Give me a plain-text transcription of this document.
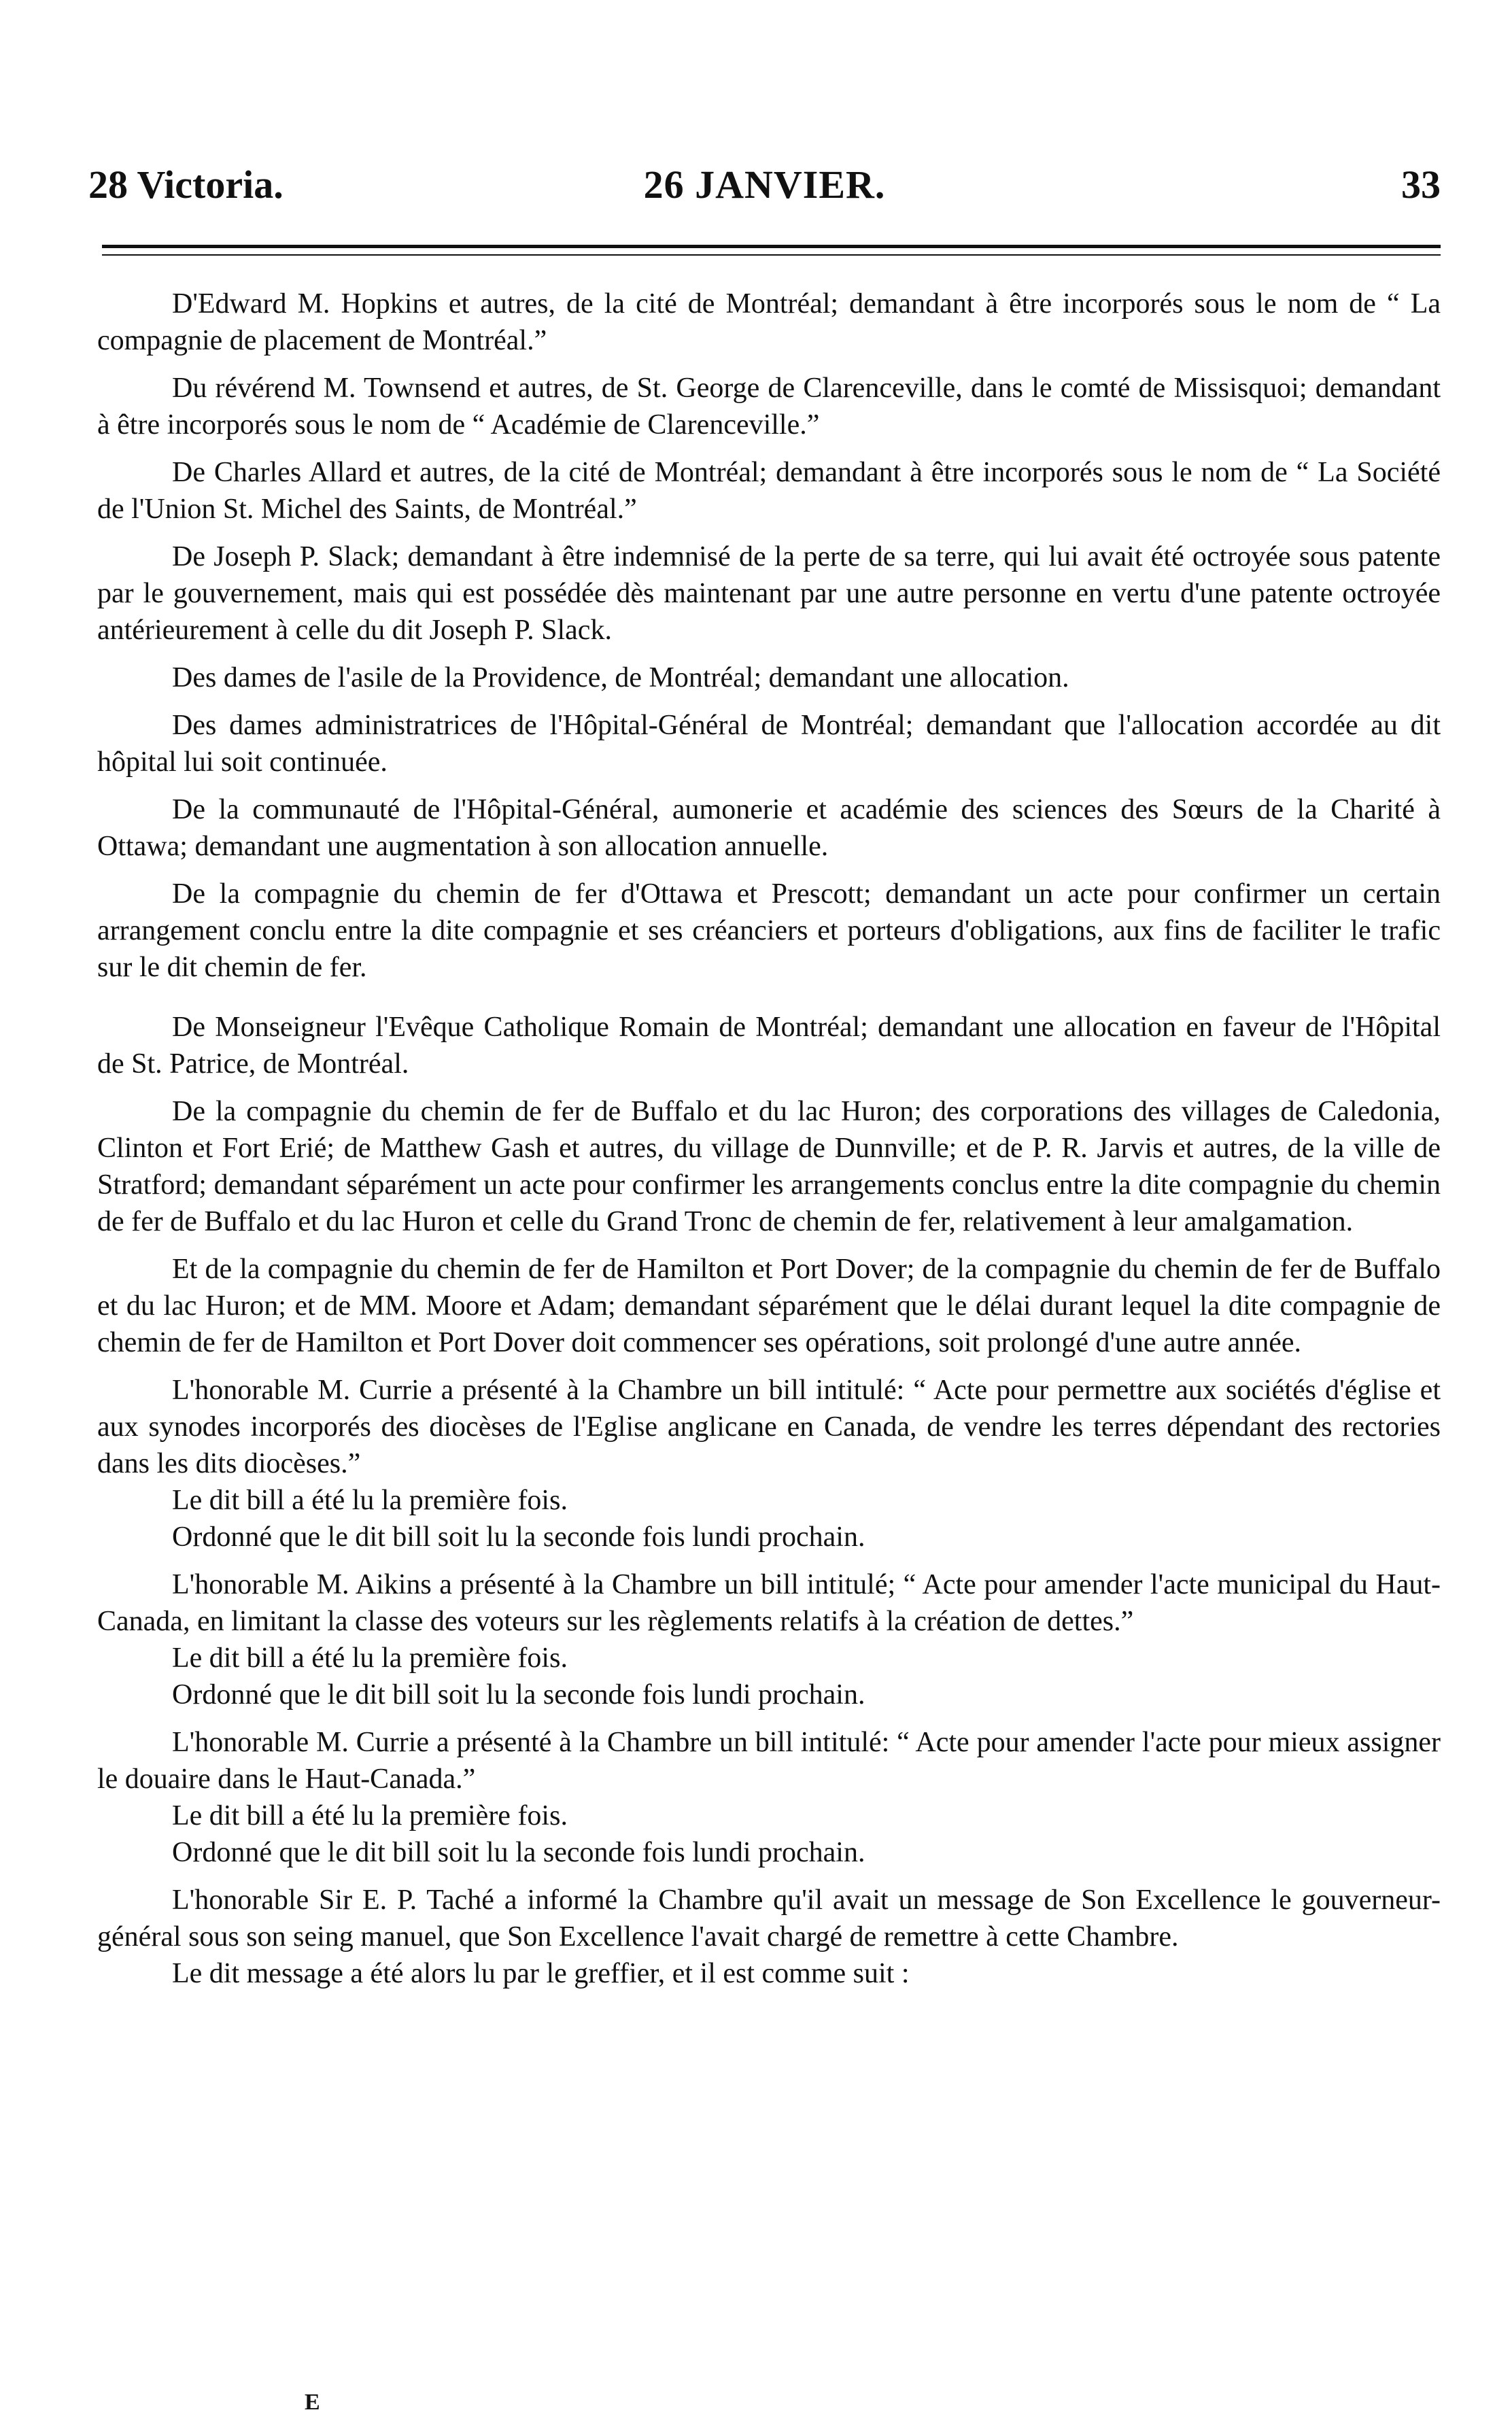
28 Victoria.	26 JANVIER.	33

D'Edward M. Hopkins et autres, de la cité de Montréal; demandant à être incorporés sous le nom de “ La compagnie de placement de Montréal.”

Du révérend M. Townsend et autres, de St. George de Clarenceville, dans le comté de Missisquoi; demandant à être incorporés sous le nom de “ Académie de Clarenceville.”

De Charles Allard et autres, de la cité de Montréal; demandant à être incorporés sous le nom de “ La Société de l'Union St. Michel des Saints, de Montréal.”

De Joseph P. Slack; demandant à être indemnisé de la perte de sa terre, qui lui avait été octroyée sous patente par le gouvernement, mais qui est possédée dès maintenant par une autre personne en vertu d'une patente octroyée antérieurement à celle du dit Joseph P. Slack.

Des dames de l'asile de la Providence, de Montréal; demandant une allocation.

Des dames administratrices de l'Hôpital-Général de Montréal; demandant que l'allocation accordée au dit hôpital lui soit continuée.

De la communauté de l'Hôpital-Général, aumonerie et académie des sciences des Sœurs de la Charité à Ottawa; demandant une augmentation à son allocation annuelle.

De la compagnie du chemin de fer d'Ottawa et Prescott; demandant un acte pour confirmer un certain arrangement conclu entre la dite compagnie et ses créanciers et porteurs d'obligations, aux fins de faciliter le trafic sur le dit chemin de fer.

De Monseigneur l'Evêque Catholique Romain de Montréal; demandant une allocation en faveur de l'Hôpital de St. Patrice, de Montréal.

De la compagnie du chemin de fer de Buffalo et du lac Huron; des corporations des villages de Caledonia, Clinton et Fort Erié; de Matthew Gash et autres, du village de Dunnville; et de P. R. Jarvis et autres, de la ville de Stratford; demandant séparément un acte pour confirmer les arrangements conclus entre la dite compagnie du chemin de fer de Buffalo et du lac Huron et celle du Grand Tronc de chemin de fer, relativement à leur amalgamation.

Et de la compagnie du chemin de fer de Hamilton et Port Dover; de la compagnie du chemin de fer de Buffalo et du lac Huron; et de MM. Moore et Adam; demandant séparément que le délai durant lequel la dite compagnie de chemin de fer de Hamilton et Port Dover doit commencer ses opérations, soit prolongé d'une autre année.

L'honorable M. Currie a présenté à la Chambre un bill intitulé: “ Acte pour permettre aux sociétés d'église et aux synodes incorporés des diocèses de l'Eglise anglicane en Canada, de vendre les terres dépendant des rectories dans les dits diocèses.”

Le dit bill a été lu la première fois.

Ordonné que le dit bill soit lu la seconde fois lundi prochain.

L'honorable M. Aikins a présenté à la Chambre un bill intitulé; “ Acte pour amender l'acte municipal du Haut-Canada, en limitant la classe des voteurs sur les règlements relatifs à la création de dettes.”

Le dit bill a été lu la première fois.

Ordonné que le dit bill soit lu la seconde fois lundi prochain.

L'honorable M. Currie a présenté à la Chambre un bill intitulé: “ Acte pour amender l'acte pour mieux assigner le douaire dans le Haut-Canada.”

Le dit bill a été lu la première fois.

Ordonné que le dit bill soit lu la seconde fois lundi prochain.

L'honorable Sir E. P. Taché a informé la Chambre qu'il avait un message de Son Excellence le gouverneur-général sous son seing manuel, que Son Excellence l'avait chargé de remettre à cette Chambre.

Le dit message a été alors lu par le greffier, et il est comme suit :

E
